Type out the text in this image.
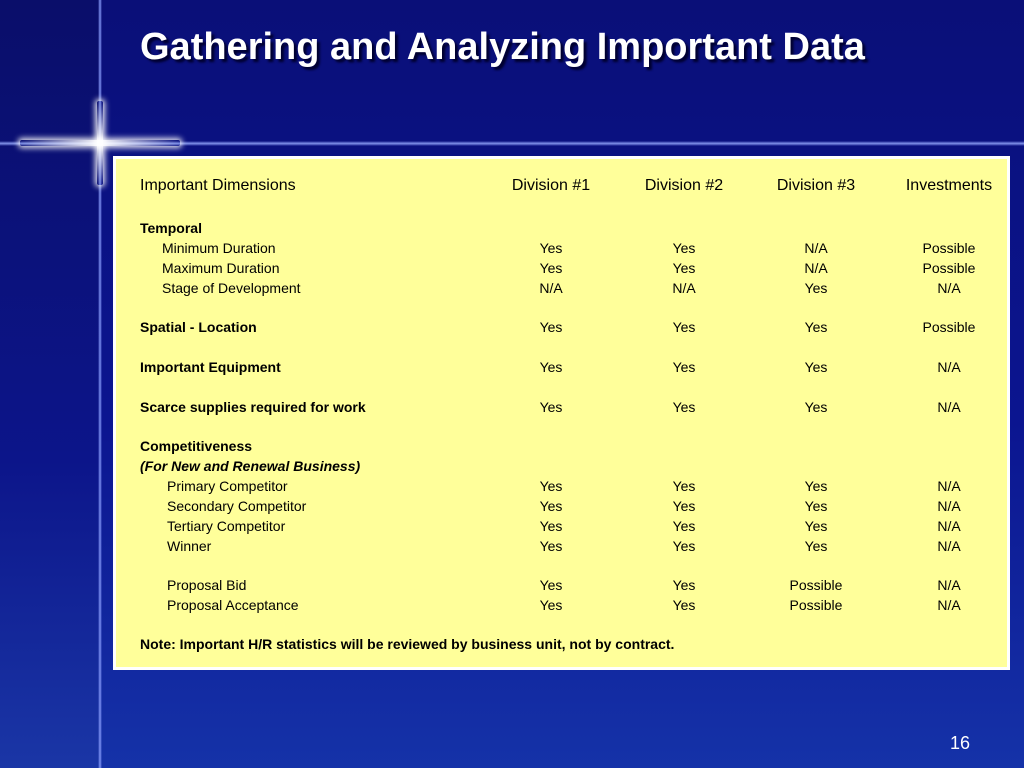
Gathering and Analyzing Important Data
Important Dimensions	Division #1	Division #2	Division #3	Investments
Temporal
Minimum Duration	Yes	Yes	N/A	Possible
Maximum Duration	Yes	Yes	N/A	Possible
Stage of Development	N/A	N/A	Yes	N/A
Spatial - Location	Yes	Yes	Yes	Possible
Important Equipment	Yes	Yes	Yes	N/A
Scarce supplies required for work	Yes	Yes	Yes	N/A
Competitiveness
(For New and Renewal Business)
Primary Competitor	Yes	Yes	Yes	N/A
Secondary Competitor	Yes	Yes	Yes	N/A
Tertiary Competitor	Yes	Yes	Yes	N/A
Winner	Yes	Yes	Yes	N/A
Proposal Bid	Yes	Yes	Possible	N/A
Proposal Acceptance	Yes	Yes	Possible	N/A
Note: Important H/R statistics will be reviewed by business unit, not by contract.
16
